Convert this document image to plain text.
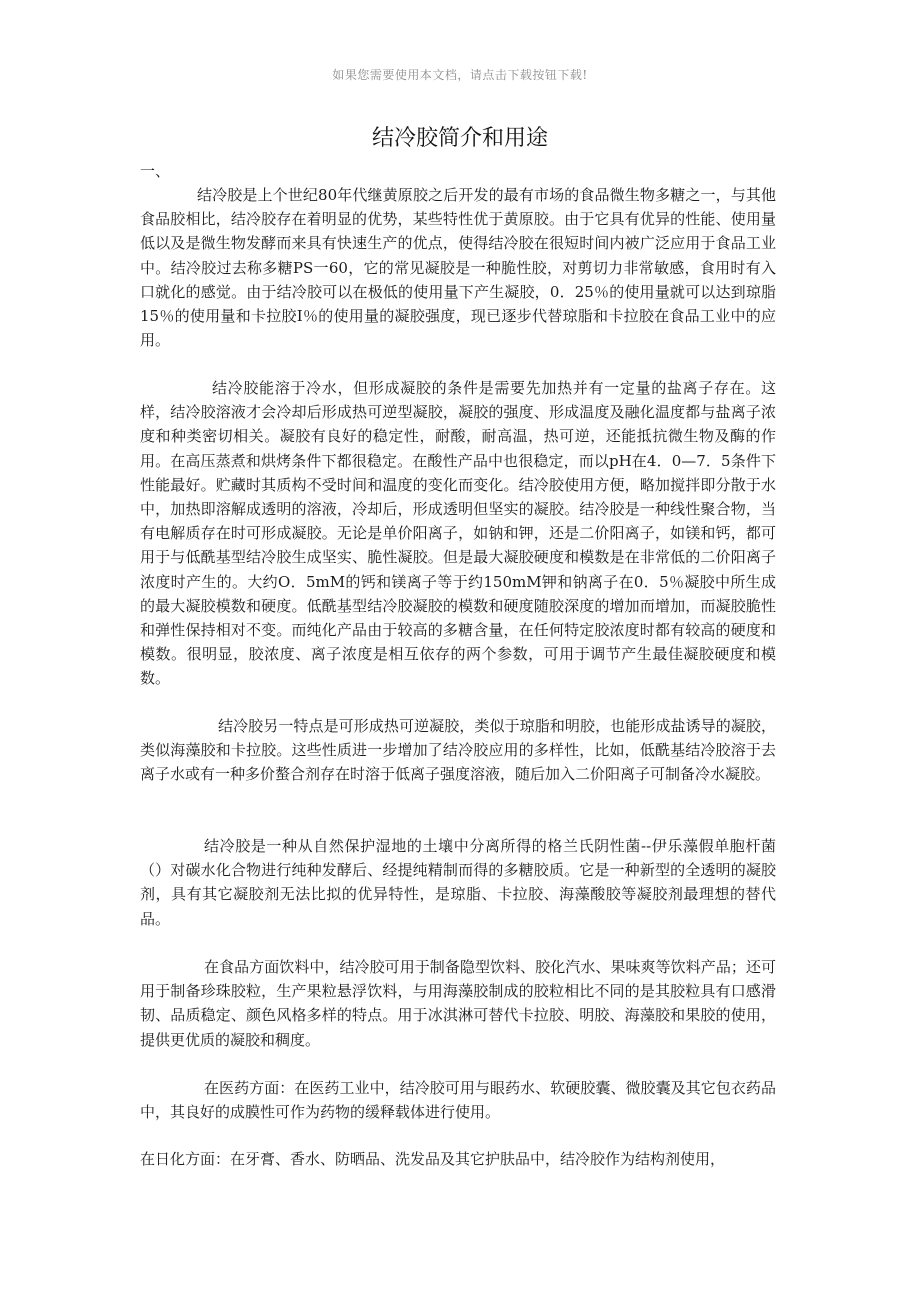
如果您需要使用本文档，请点击下载按钮下载!
结冷胶简介和用途
一、

结冷胶是上个世纪80年代继黄原胶之后开发的最有市场的食品微生物多糖之一，与其他食品胶相比，结冷胶存在着明显的优势，某些特性优于黄原胶。由于它具有优异的性能、使用量低以及是微生物发酵而来具有快速生产的优点，使得结冷胶在很短时间内被广泛应用于食品工业中。结冷胶过去称多糖PS一60，它的常见凝胶是一种脆性胶，对剪切力非常敏感，食用时有入口就化的感觉。由于结冷胶可以在极低的使用量下产生凝胶，0．25％的使用量就可以达到琼脂15％的使用量和卡拉胶I％的使用量的凝胶强度，现已逐步代替琼脂和卡拉胶在食品工业中的应用。

结冷胶能溶于冷水，但形成凝胶的条件是需要先加热并有一定量的盐离子存在。这样，结冷胶溶液才会冷却后形成热可逆型凝胶，凝胶的强度、形成温度及融化温度都与盐离子浓度和种类密切相关。凝胶有良好的稳定性，耐酸，耐高温，热可逆，还能抵抗微生物及酶的作用。在高压蒸煮和烘烤条件下都很稳定。在酸性产品中也很稳定，而以pH在4．0—7．5条件下性能最好。贮藏时其质构不受时间和温度的变化而变化。结冷胶使用方便，略加搅拌即分散于水中，加热即溶解成透明的溶液，冷却后，形成透明但坚实的凝胶。结冷胶是一种线性聚合物，当有电解质存在时可形成凝胶。无论是单价阳离子，如钠和钾，还是二价阳离子，如镁和钙，都可用于与低酰基型结冷胶生成坚实、脆性凝胶。但是最大凝胶硬度和模数是在非常低的二价阳离子浓度时产生的。大约O．5mM的钙和镁离子等于约150mM钾和钠离子在0．5％凝胶中所生成的最大凝胶模数和硬度。低酰基型结冷胶凝胶的模数和硬度随胶深度的增加而增加，而凝胶脆性和弹性保持相对不变。而纯化产品由于较高的多糖含量，在任何特定胶浓度时都有较高的硬度和模数。很明显，胶浓度、离子浓度是相互依存的两个参数，可用于调节产生最佳凝胶硬度和模数。

结冷胶另一特点是可形成热可逆凝胶，类似于琼脂和明胶，也能形成盐诱导的凝胶，类似海藻胶和卡拉胶。这些性质进一步增加了结冷胶应用的多样性，比如，低酰基结冷胶溶于去离子水或有一种多价螯合剂存在时溶于低离子强度溶液，随后加入二价阳离子可制备冷水凝胶。

结冷胶是一种从自然保护湿地的土壤中分离所得的格兰氏阴性菌--伊乐藻假单胞杆菌（）对碳水化合物进行纯种发酵后、经提纯精制而得的多糖胶质。它是一种新型的全透明的凝胶剂，具有其它凝胶剂无法比拟的优异特性，是琼脂、卡拉胶、海藻酸胶等凝胶剂最理想的替代品。

在食品方面饮料中，结冷胶可用于制备隐型饮料、胶化汽水、果味爽等饮料产品；还可用于制备珍珠胶粒，生产果粒悬浮饮料，与用海藻胶制成的胶粒相比不同的是其胶粒具有口感滑韧、品质稳定、颜色风格多样的特点。用于冰淇淋可替代卡拉胶、明胶、海藻胶和果胶的使用，提供更优质的凝胶和稠度。

在医药方面：在医药工业中，结冷胶可用与眼药水、软硬胶囊、微胶囊及其它包衣药品中，其良好的成膜性可作为药物的缓释载体进行使用。

在日化方面：在牙膏、香水、防晒品、洗发品及其它护肤品中，结冷胶作为结构剂使用，
